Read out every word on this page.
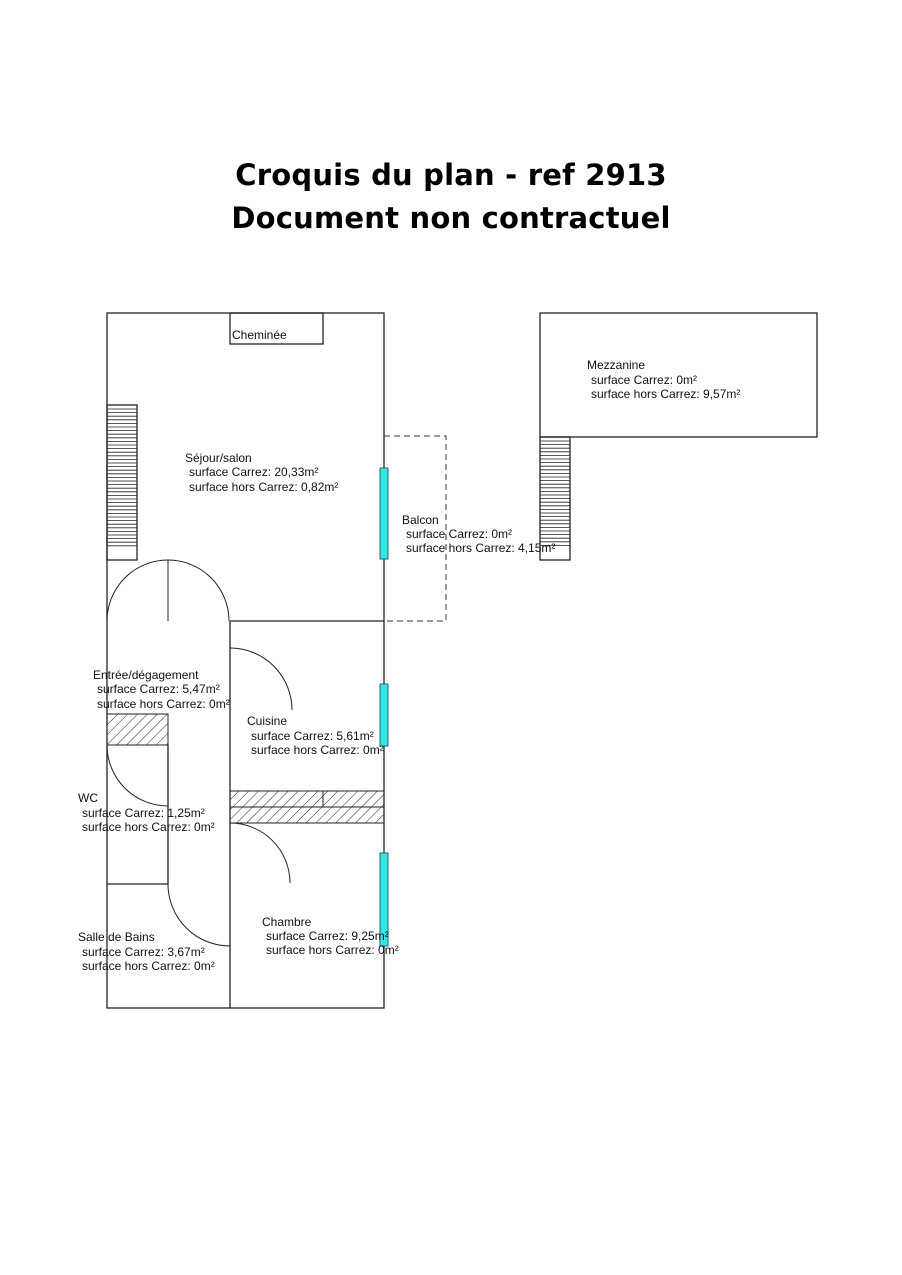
Croquis du plan - ref 2913
Document non contractuel
Cheminée
Séjour/salon
surface Carrez: 20,33m²
surface hors Carrez: 0,82m²
Balcon
surface Carrez: 0m²
surface hors Carrez: 4,15m²
Mezzanine
surface Carrez: 0m²
surface hors Carrez: 9,57m²
Entrée/dégagement
surface Carrez: 5,47m²
surface hors Carrez: 0m²
Cuisine
surface Carrez: 5,61m²
surface hors Carrez: 0m²
WC
surface Carrez: 1,25m²
surface hors Carrez: 0m²
Salle de Bains
surface Carrez: 3,67m²
surface hors Carrez: 0m²
Chambre
surface Carrez: 9,25m²
surface hors Carrez: 0m²
